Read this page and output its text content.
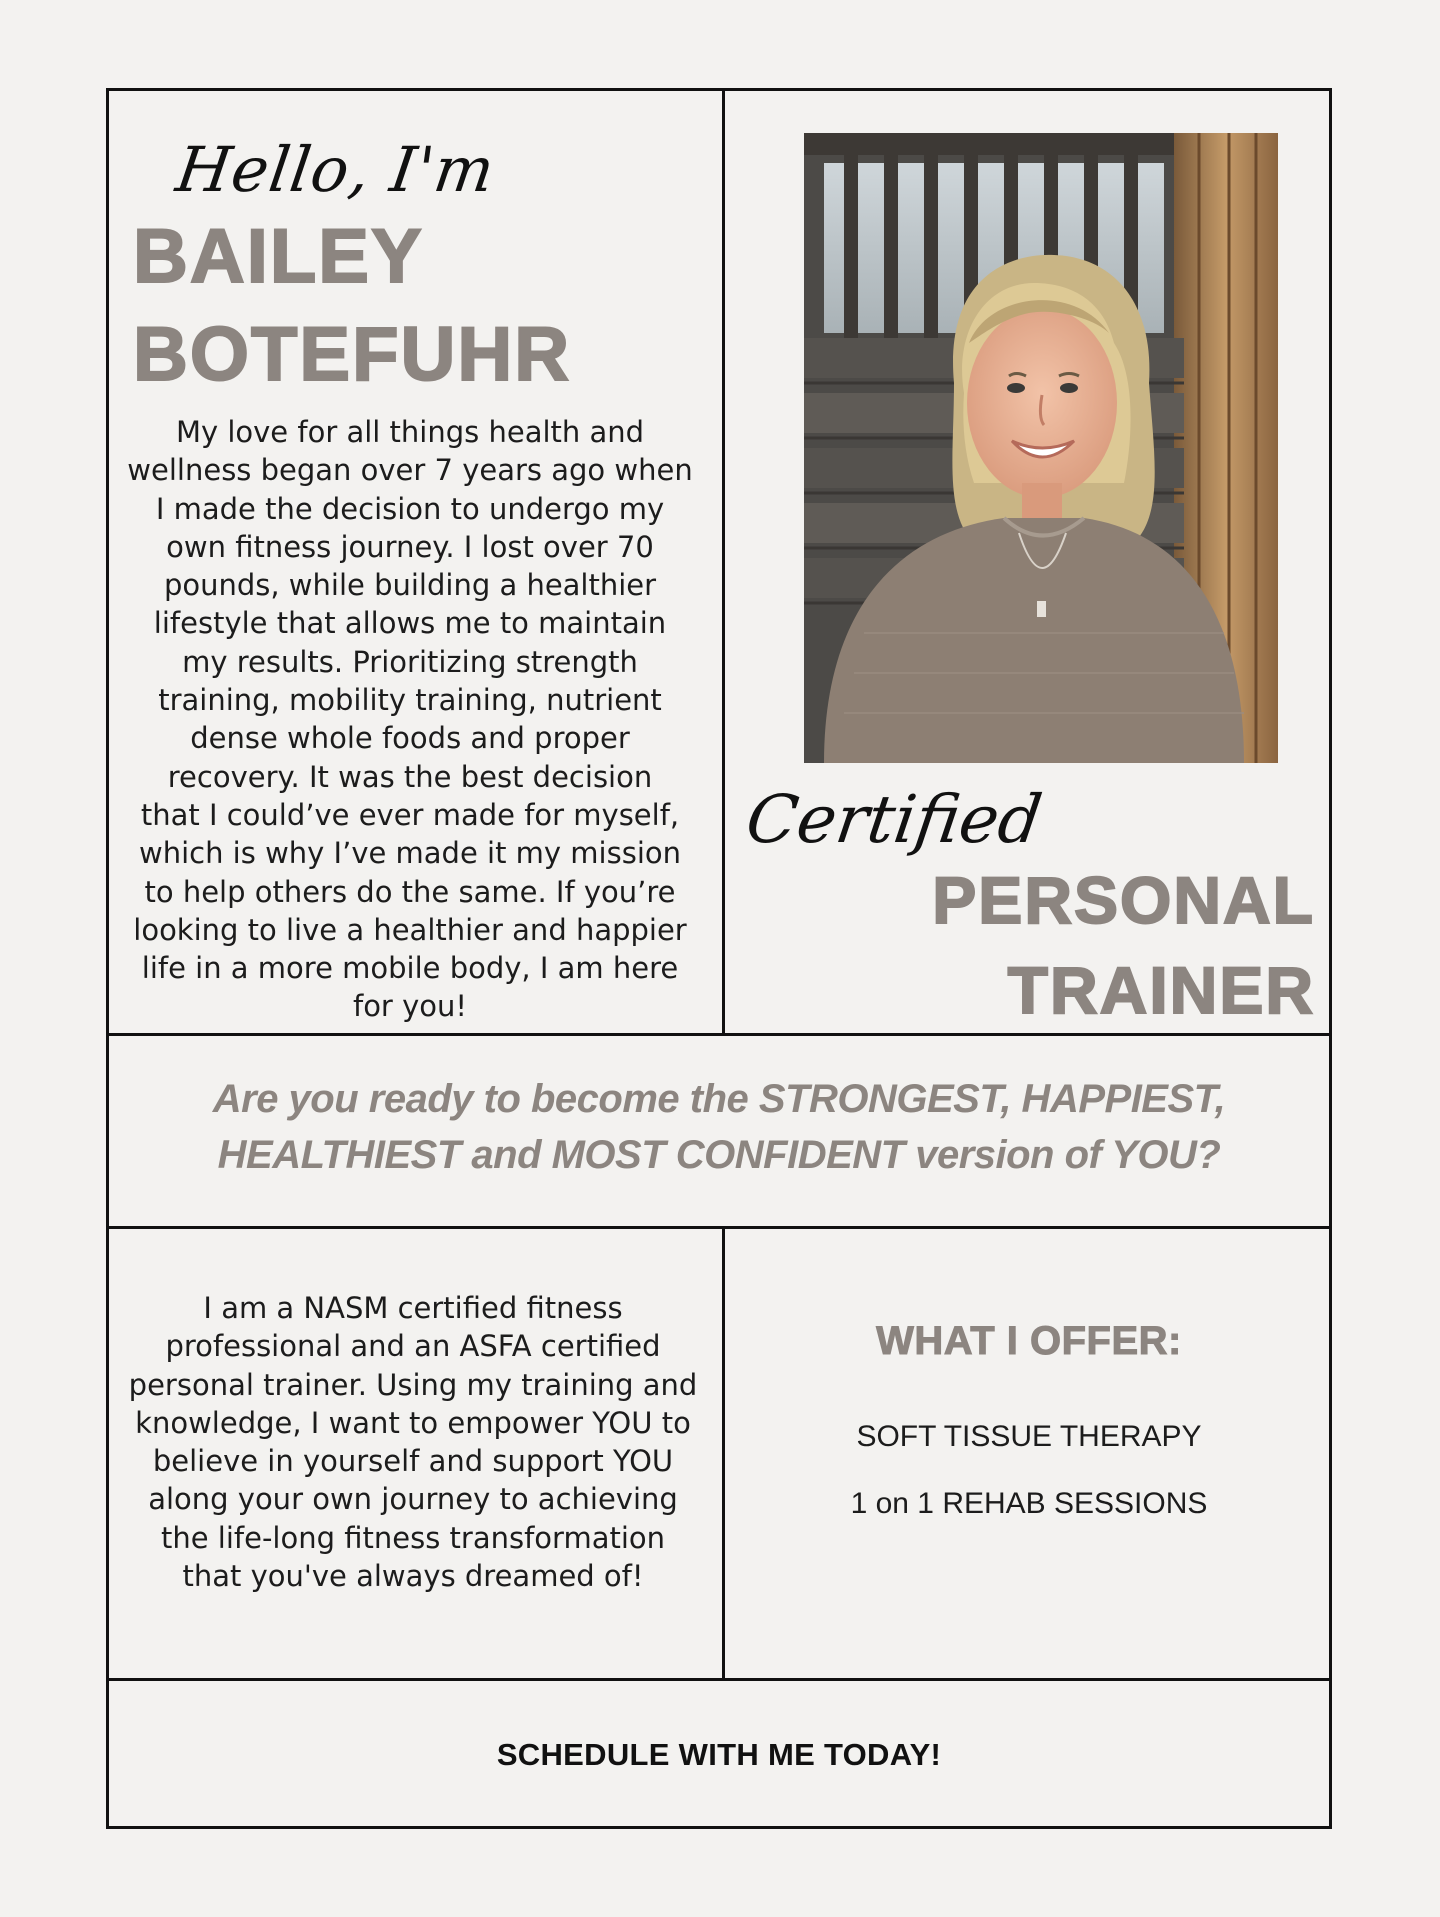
Hello, I'm
BAILEY
BOTEFUHR
My love for all things health and
wellness began over 7 years ago when
I made the decision to undergo my
own fitness journey. I lost over 70
pounds, while building a healthier
lifestyle that allows me to maintain
my results. Prioritizing strength
training, mobility training, nutrient
dense whole foods and proper
recovery. It was the best decision
that I could’ve ever made for myself,
which is why I’ve made it my mission
to help others do the same. If you’re
looking to live a healthier and happier
life in a more mobile body, I am here
for you!
Certified
PERSONAL
TRAINER
Are you ready to become the STRONGEST, HAPPIEST,
HEALTHIEST and MOST CONFIDENT version of YOU?
I am a NASM certified fitness
professional and an ASFA certified
personal trainer. Using my training and
knowledge, I want to empower YOU to
believe in yourself and support YOU
along your own journey to achieving
the life-long fitness transformation
that you've always dreamed of!
WHAT I OFFER:
SOFT TISSUE THERAPY
1 on 1 REHAB SESSIONS
SCHEDULE WITH ME TODAY!
